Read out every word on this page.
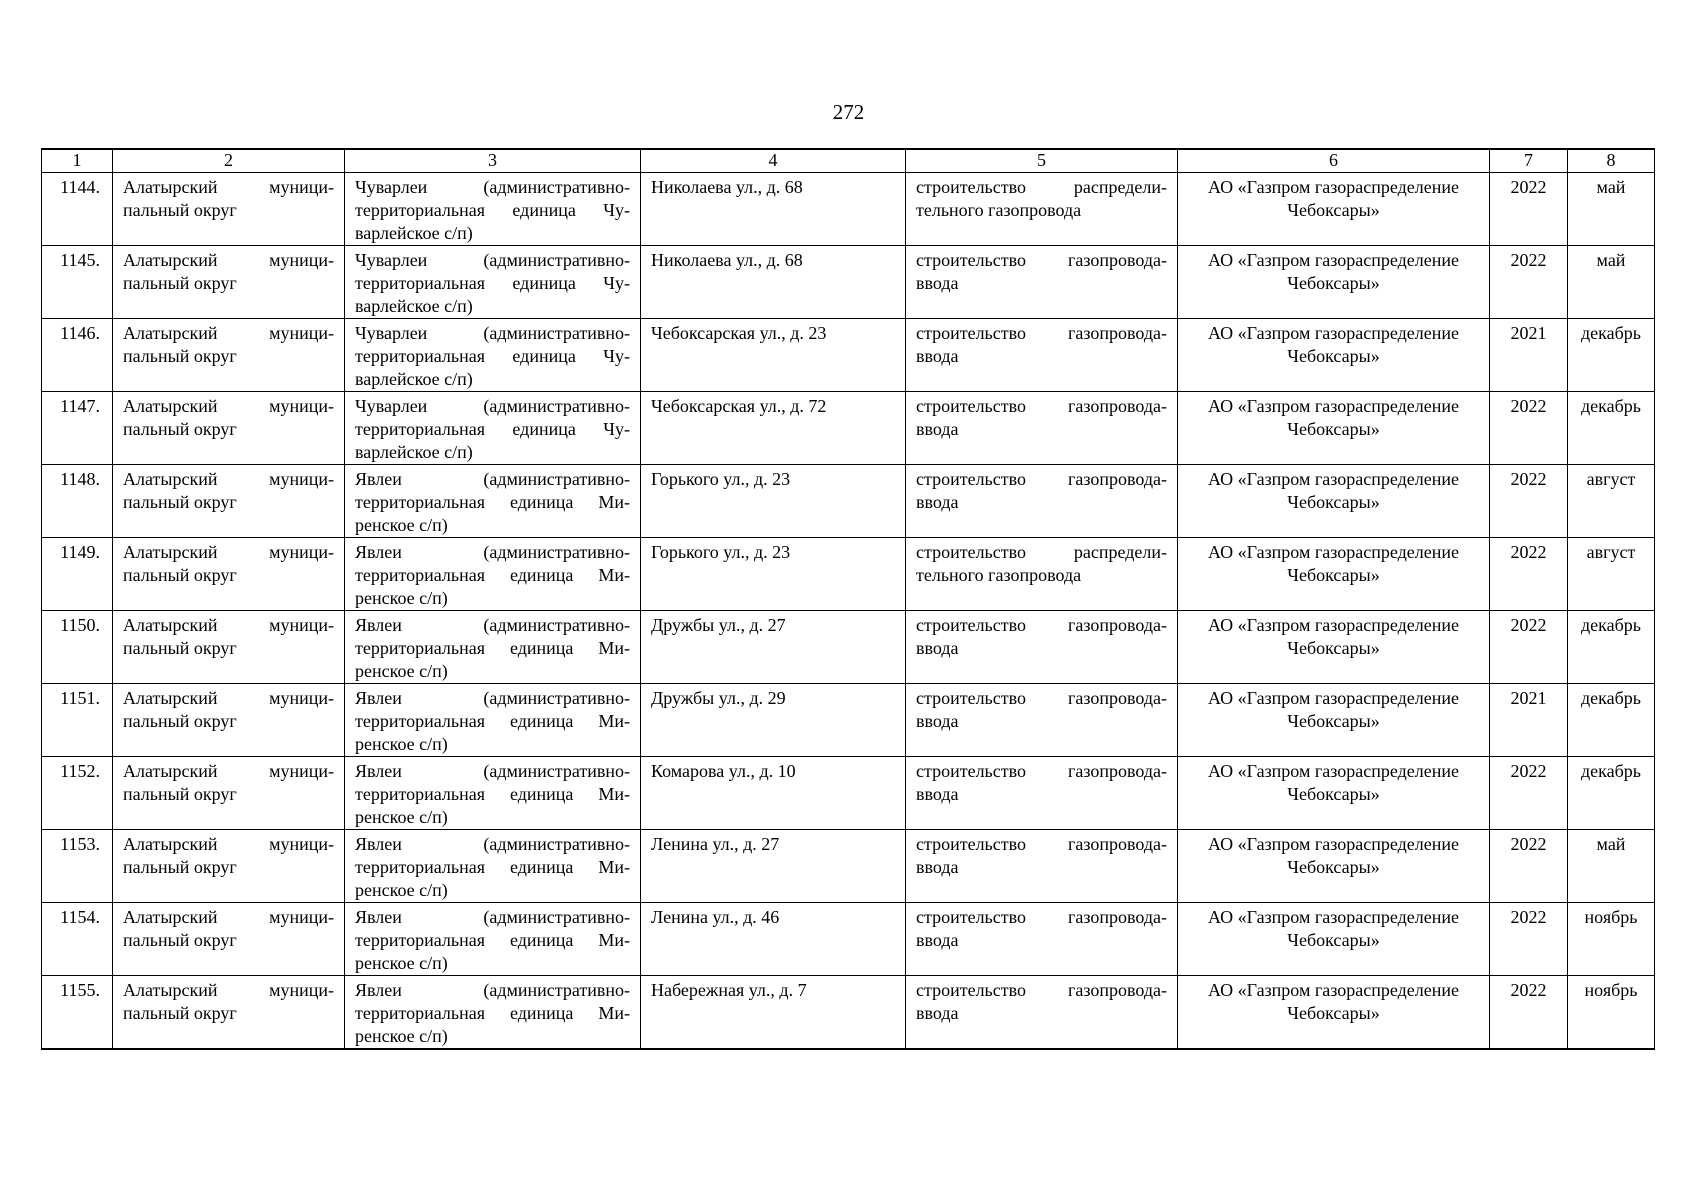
272
1	2	3	4	5	6	7	8
1144.	Алатырский муници-пальный округ	Чуварлеи (административно-территориальная единица Чу-варлейское с/п)	Николаева ул., д. 68	строительство распредели-тельного газопровода	АО «Газпром газораспределение Чебоксары»	2022	май
1145.	Алатырский муници-пальный округ	Чуварлеи (административно-территориальная единица Чу-варлейское с/п)	Николаева ул., д. 68	строительство газопровода-ввода	АО «Газпром газораспределение Чебоксары»	2022	май
1146.	Алатырский муници-пальный округ	Чуварлеи (административно-территориальная единица Чу-варлейское с/п)	Чебоксарская ул., д. 23	строительство газопровода-ввода	АО «Газпром газораспределение Чебоксары»	2021	декабрь
1147.	Алатырский муници-пальный округ	Чуварлеи (административно-территориальная единица Чу-варлейское с/п)	Чебоксарская ул., д. 72	строительство газопровода-ввода	АО «Газпром газораспределение Чебоксары»	2022	декабрь
1148.	Алатырский муници-пальный округ	Явлеи (административно-территориальная единица Ми-ренское с/п)	Горького ул., д. 23	строительство газопровода-ввода	АО «Газпром газораспределение Чебоксары»	2022	август
1149.	Алатырский муници-пальный округ	Явлеи (административно-территориальная единица Ми-ренское с/п)	Горького ул., д. 23	строительство распредели-тельного газопровода	АО «Газпром газораспределение Чебоксары»	2022	август
1150.	Алатырский муници-пальный округ	Явлеи (административно-территориальная единица Ми-ренское с/п)	Дружбы ул., д. 27	строительство газопровода-ввода	АО «Газпром газораспределение Чебоксары»	2022	декабрь
1151.	Алатырский муници-пальный округ	Явлеи (административно-территориальная единица Ми-ренское с/п)	Дружбы ул., д. 29	строительство газопровода-ввода	АО «Газпром газораспределение Чебоксары»	2021	декабрь
1152.	Алатырский муници-пальный округ	Явлеи (административно-территориальная единица Ми-ренское с/п)	Комарова ул., д. 10	строительство газопровода-ввода	АО «Газпром газораспределение Чебоксары»	2022	декабрь
1153.	Алатырский муници-пальный округ	Явлеи (административно-территориальная единица Ми-ренское с/п)	Ленина ул., д. 27	строительство газопровода-ввода	АО «Газпром газораспределение Чебоксары»	2022	май
1154.	Алатырский муници-пальный округ	Явлеи (административно-территориальная единица Ми-ренское с/п)	Ленина ул., д. 46	строительство газопровода-ввода	АО «Газпром газораспределение Чебоксары»	2022	ноябрь
1155.	Алатырский муници-пальный округ	Явлеи (административно-территориальная единица Ми-ренское с/п)	Набережная ул., д. 7	строительство газопровода-ввода	АО «Газпром газораспределение Чебоксары»	2022	ноябрь
